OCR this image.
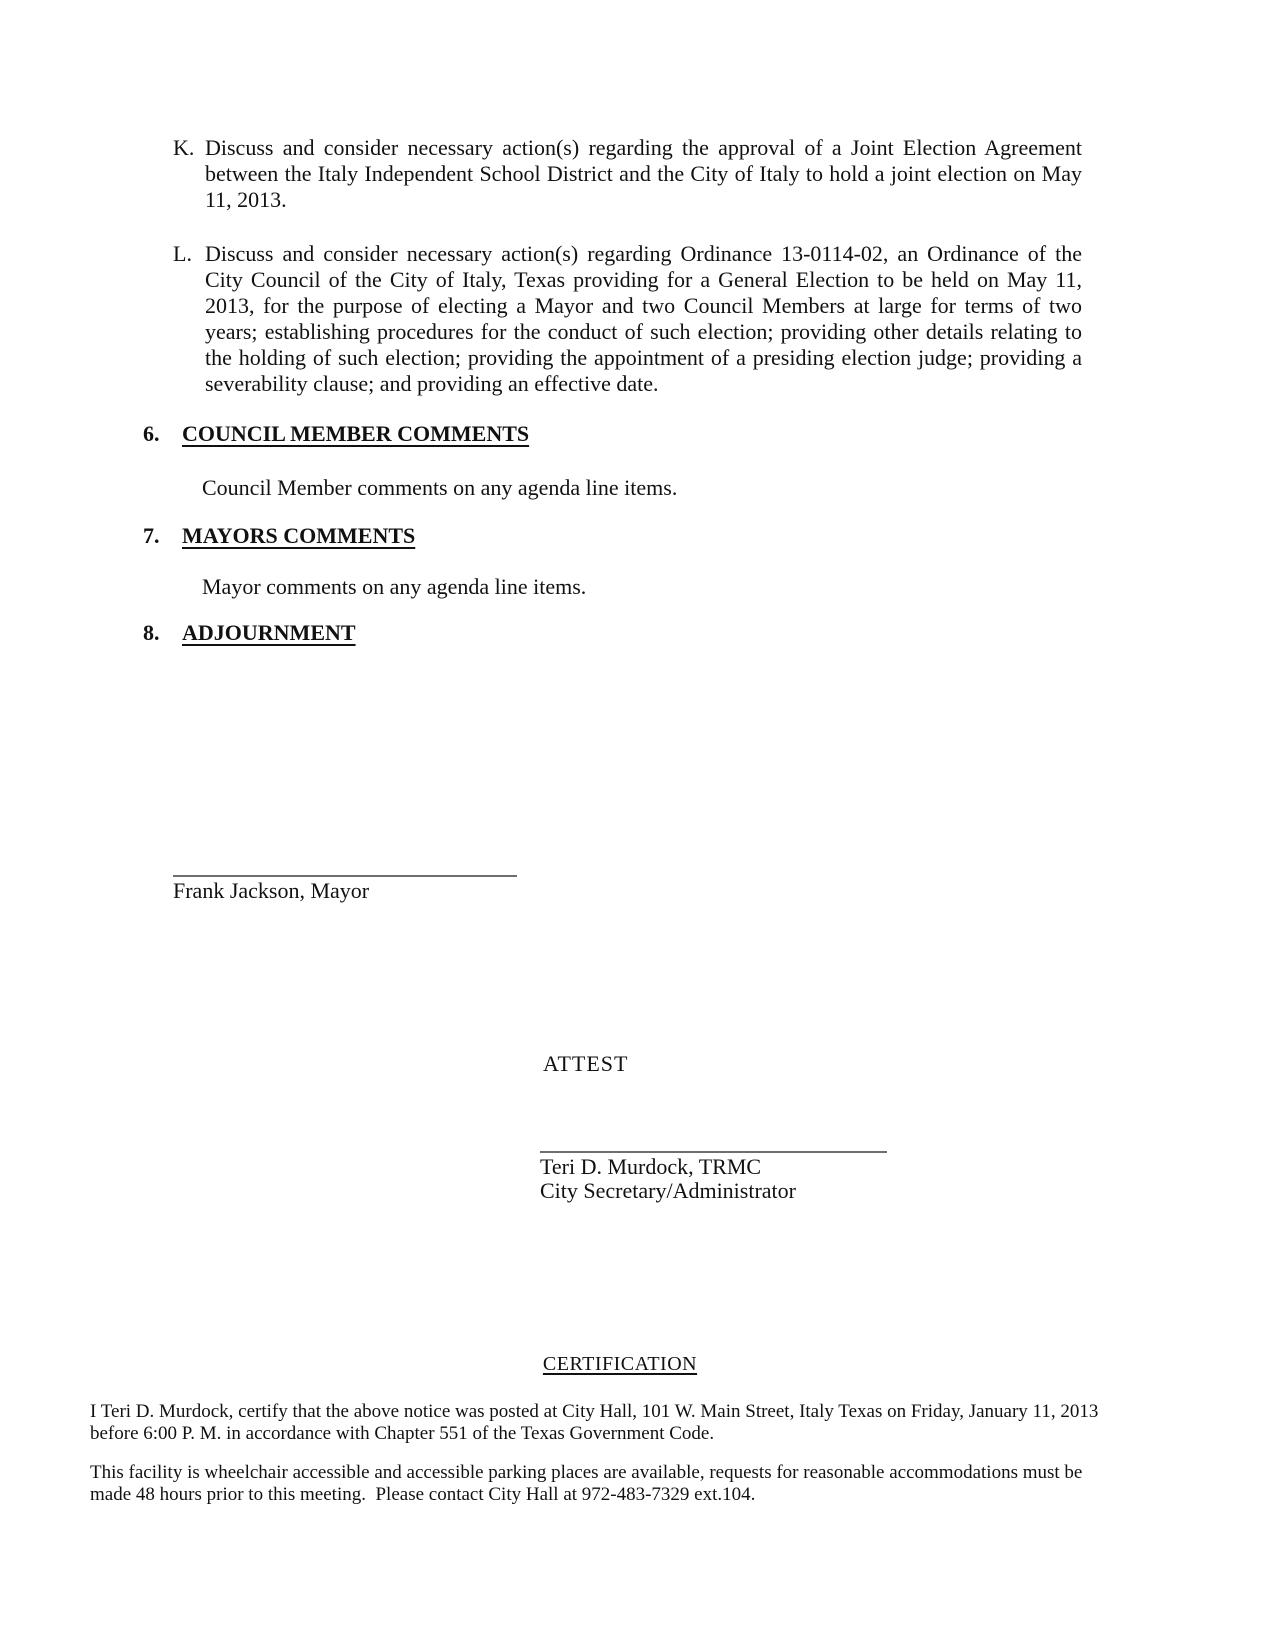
K. Discuss and consider necessary action(s) regarding the approval of a Joint Election Agreement
between the Italy Independent School District and the City of Italy to hold a joint election on May
11, 2013.
L. Discuss and consider necessary action(s) regarding Ordinance 13-0114-02, an Ordinance of the
City Council of the City of Italy, Texas providing for a General Election to be held on May 11,
2013, for the purpose of electing a Mayor and two Council Members at large for terms of two
years; establishing procedures for the conduct of such election; providing other details relating to
the holding of such election; providing the appointment of a presiding election judge; providing a
severability clause; and providing an effective date.
6. COUNCIL MEMBER COMMENTS
Council Member comments on any agenda line items.
7. MAYORS COMMENTS
Mayor comments on any agenda line items.
8. ADJOURNMENT
Frank Jackson, Mayor
ATTEST
Teri D. Murdock, TRMC
City Secretary/Administrator
CERTIFICATION
I Teri D. Murdock, certify that the above notice was posted at City Hall, 101 W. Main Street, Italy Texas on Friday, January 11, 2013
before 6:00 P. M. in accordance with Chapter 551 of the Texas Government Code.
This facility is wheelchair accessible and accessible parking places are available, requests for reasonable accommodations must be
made 48 hours prior to this meeting.  Please contact City Hall at 972-483-7329 ext.104.
